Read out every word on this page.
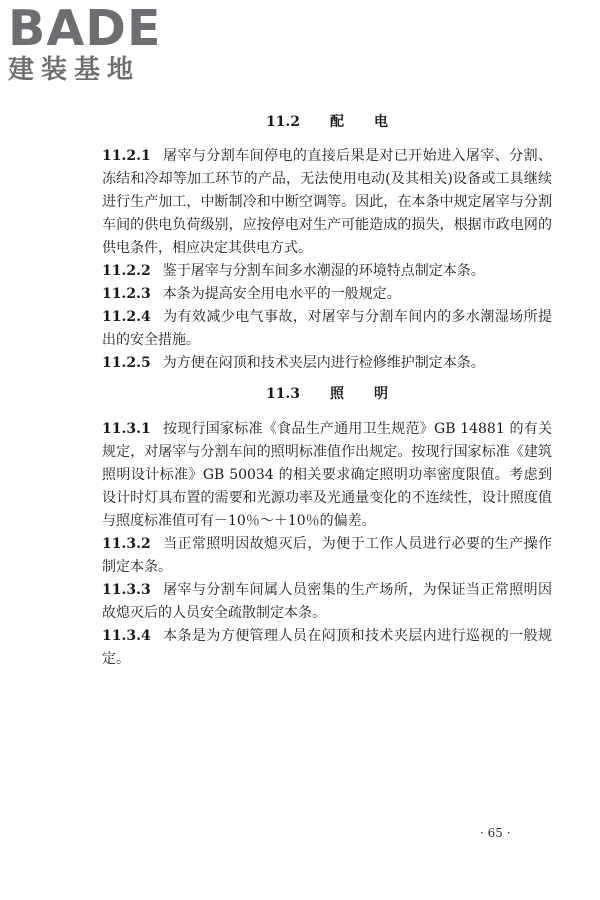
BADE
建装基地
11.2 配 电

11.2.1 屠宰与分割车间停电的直接后果是对已开始进入屠宰、分割、冻结和冷却等加工环节的产品，无法使用电动(及其相关)设备或工具继续进行生产加工，中断制冷和中断空调等。因此，在本条中规定屠宰与分割车间的供电负荷级别，应按停电对生产可能造成的损失，根据市政电网的供电条件，相应决定其供电方式。

11.2.2 鉴于屠宰与分割车间多水潮湿的环境特点制定本条。

11.2.3 本条为提高安全用电水平的一般规定。

11.2.4 为有效减少电气事故，对屠宰与分割车间内的多水潮湿场所提出的安全措施。

11.2.5 为方便在闷顶和技术夹层内进行检修维护制定本条。

11.3 照 明

11.3.1 按现行国家标准《食品生产通用卫生规范》GB 14881 的有关规定，对屠宰与分割车间的照明标准值作出规定。按现行国家标准《建筑照明设计标准》GB 50034 的相关要求确定照明功率密度限值。考虑到设计时灯具布置的需要和光源功率及光通量变化的不连续性，设计照度值与照度标准值可有－10％～＋10％的偏差。

11.3.2 当正常照明因故熄灭后，为便于工作人员进行必要的生产操作制定本条。

11.3.3 屠宰与分割车间属人员密集的生产场所，为保证当正常照明因故熄灭后的人员安全疏散制定本条。

11.3.4 本条是为方便管理人员在闷顶和技术夹层内进行巡视的一般规定。

· 65 ·
